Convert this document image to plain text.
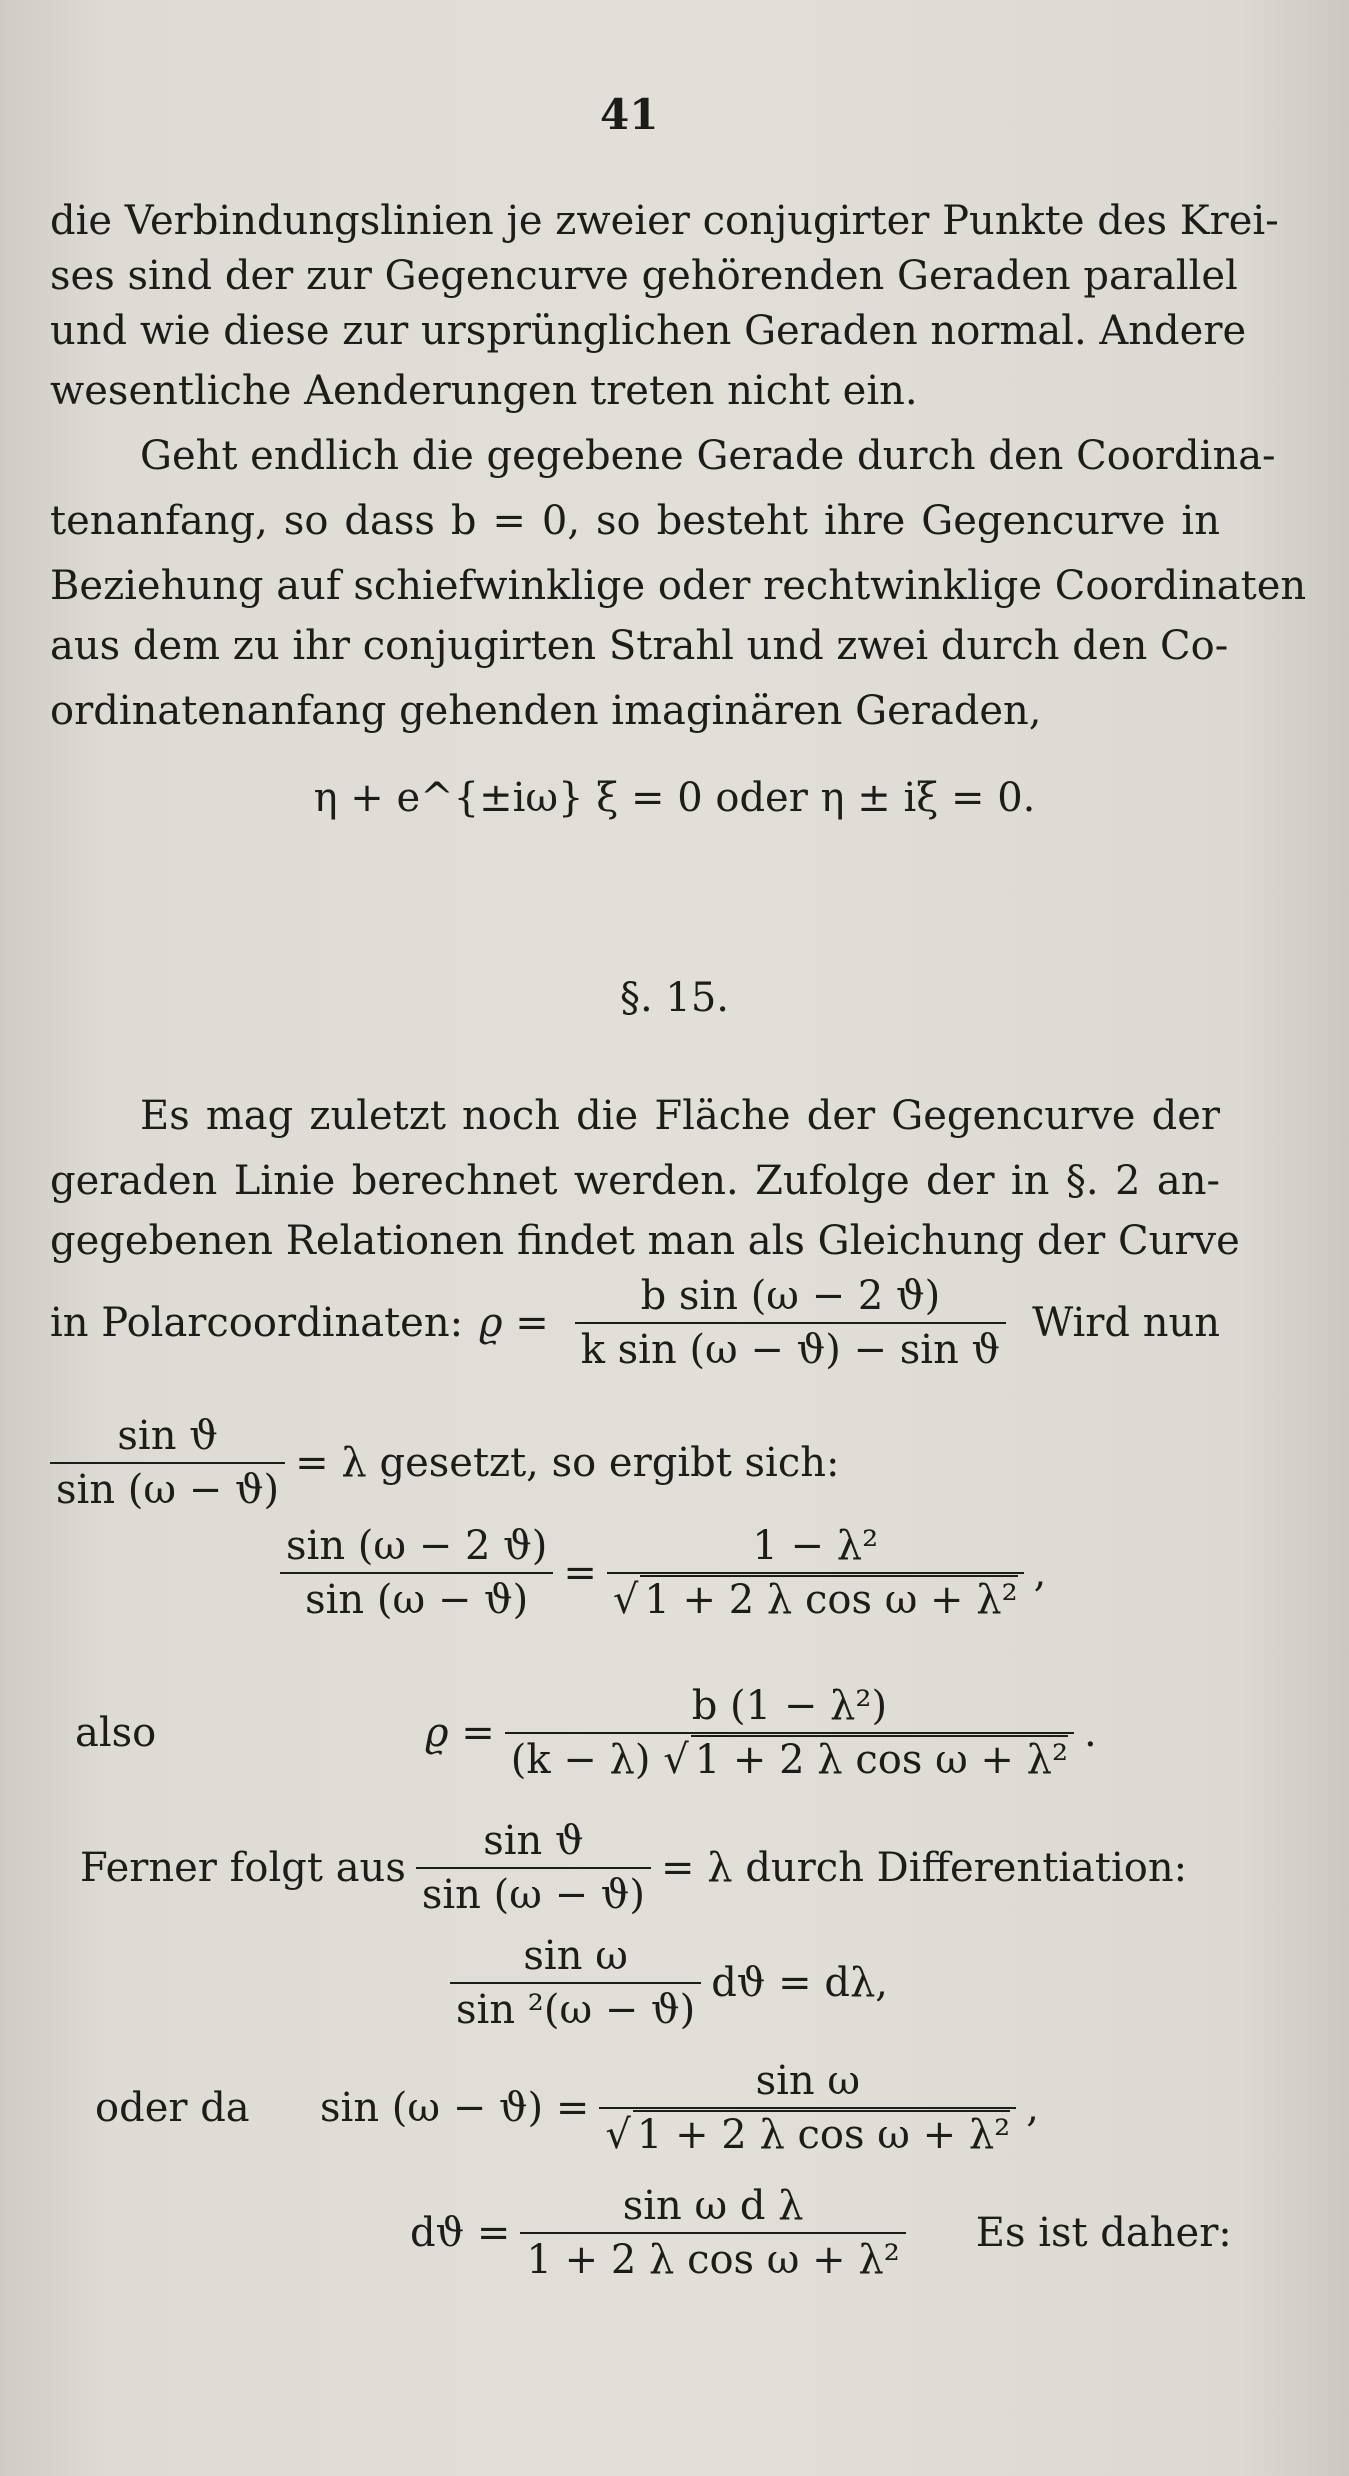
41
die Verbindungslinien je zweier conjugirter Punkte des Krei-
ses sind der zur Gegencurve gehörenden Geraden parallel
und wie diese zur ursprünglichen Geraden normal. Andere
wesentliche Aenderungen treten nicht ein.
Geht endlich die gegebene Gerade durch den Coordina-
tenanfang, so dass b = 0, so besteht ihre Gegencurve in
Beziehung auf schiefwinklige oder rechtwinklige Coordinaten
aus dem zu ihr conjugirten Strahl und zwei durch den Co-
ordinatenanfang gehenden imaginären Geraden,
η + e^{±iω} ξ = 0 oder η ± iξ = 0.
§. 15.
Es mag zuletzt noch die Fläche der Gegencurve der
geraden Linie berechnet werden. Zufolge der in §. 2 an-
gegebenen Relationen findet man als Gleichung der Curve
in Polarcoordinaten: $ϱ = \frac{\text{b sin (ω − 2 ϑ)}}{\text{k sin (ω − ϑ) − sin ϑ}}$ Wird nun
$\frac{\text{sin ϑ}}{\sin (\omega - ϑ)} = \lambda$ gesetzt, so ergibt sich:
$\frac{\sin (\omega - 2 ϑ)}{\sin (\omega - ϑ)} = \frac{\text{1 − λ²}}{\text{√ 1 + 2 λ cos ω + λ²}}$ ,
also	$ϱ = \frac{\text{b (1 − λ²)}}{\text{(k − λ) √ 1 + 2 λ cos ω + λ²}}$ .
Ferner folgt aus $\frac{\text{sin ϑ}}{\sin (\omega - ϑ)} = \lambda$ durch Differentiation:
$\frac{\text{sin ω}}{\text{sin ²(ω − ϑ)}}$ dϑ = dλ,
oder da	$\sin (\omega - ϑ) = \frac{\text{sin ω}}{\text{√ 1 + 2 λ cos ω + λ²}}$ ,
$dϑ = \frac{\text{sin ω d λ}}{\text{1 + 2 λ cos ω + λ²}}$ Es ist daher:
